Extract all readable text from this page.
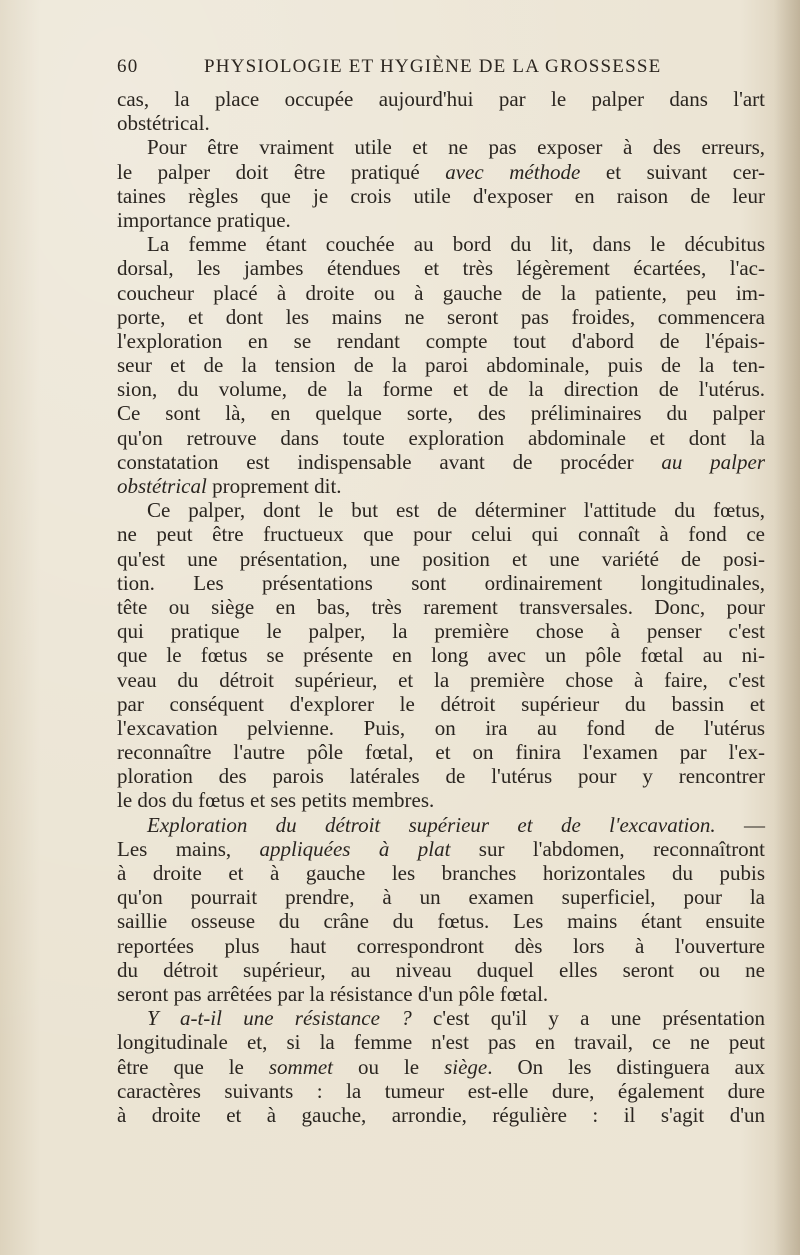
60	PHYSIOLOGIE ET HYGIÈNE DE LA GROSSESSE
cas, la place occupée aujourd'hui par le palper dans l'art
obstétrical.
Pour être vraiment utile et ne pas exposer à des erreurs,
le palper doit être pratiqué avec méthode et suivant cer-
taines règles que je crois utile d'exposer en raison de leur
importance pratique.
La femme étant couchée au bord du lit, dans le décubitus
dorsal, les jambes étendues et très légèrement écartées, l'ac-
coucheur placé à droite ou à gauche de la patiente, peu im-
porte, et dont les mains ne seront pas froides, commencera
l'exploration en se rendant compte tout d'abord de l'épais-
seur et de la tension de la paroi abdominale, puis de la ten-
sion, du volume, de la forme et de la direction de l'utérus.
Ce sont là, en quelque sorte, des préliminaires du palper
qu'on retrouve dans toute exploration abdominale et dont la
constatation est indispensable avant de procéder au palper
obstétrical proprement dit.
Ce palper, dont le but est de déterminer l'attitude du fœtus,
ne peut être fructueux que pour celui qui connaît à fond ce
qu'est une présentation, une position et une variété de posi-
tion. Les présentations sont ordinairement longitudinales,
tête ou siège en bas, très rarement transversales. Donc, pour
qui pratique le palper, la première chose à penser c'est
que le fœtus se présente en long avec un pôle fœtal au ni-
veau du détroit supérieur, et la première chose à faire, c'est
par conséquent d'explorer le détroit supérieur du bassin et
l'excavation pelvienne. Puis, on ira au fond de l'utérus
reconnaître l'autre pôle fœtal, et on finira l'examen par l'ex-
ploration des parois latérales de l'utérus pour y rencontrer
le dos du fœtus et ses petits membres.
Exploration du détroit supérieur et de l'excavation. —
Les mains, appliquées à plat sur l'abdomen, reconnaîtront
à droite et à gauche les branches horizontales du pubis
qu'on pourrait prendre, à un examen superficiel, pour la
saillie osseuse du crâne du fœtus. Les mains étant ensuite
reportées plus haut correspondront dès lors à l'ouverture
du détroit supérieur, au niveau duquel elles seront ou ne
seront pas arrêtées par la résistance d'un pôle fœtal.
Y a-t-il une résistance ? c'est qu'il y a une présentation
longitudinale et, si la femme n'est pas en travail, ce ne peut
être que le sommet ou le siège. On les distinguera aux
caractères suivants : la tumeur est-elle dure, également dure
à droite et à gauche, arrondie, régulière : il s'agit d'un
